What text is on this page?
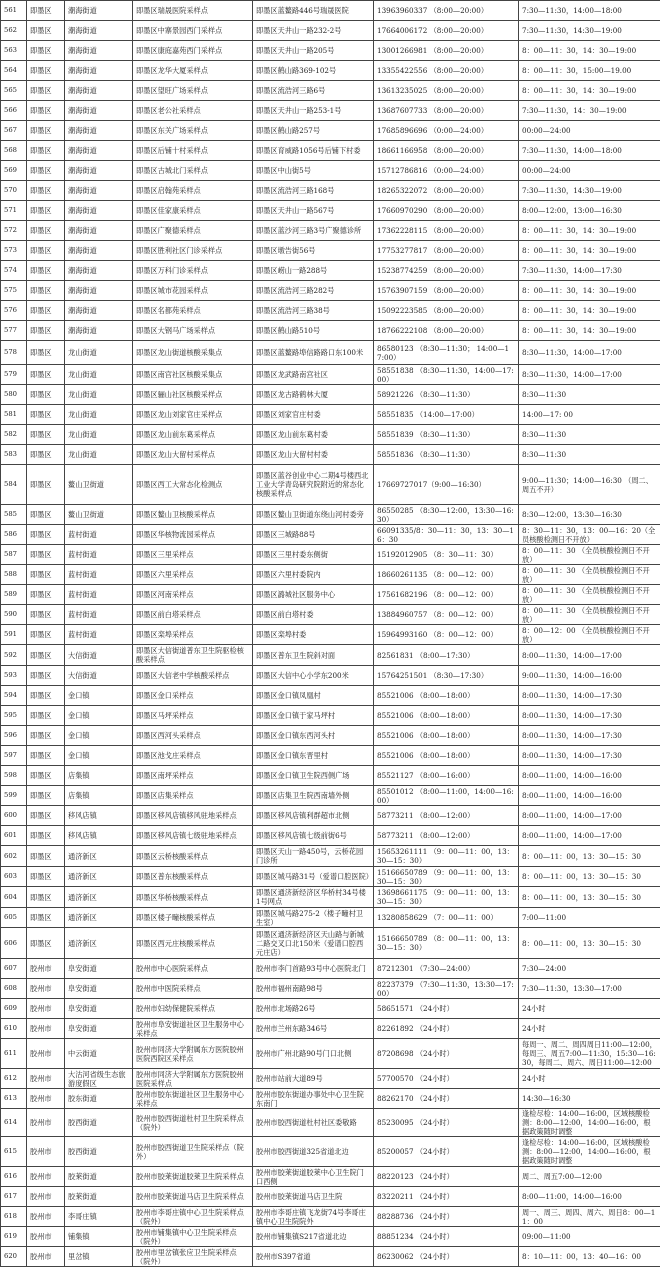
561	即墨区	潮海街道	即墨区瑞晟医院采样点	即墨区蓝鳌路446号瑞晟医院	13963960337 （8:00—20:00）	7:30—11:30，14:00—18:00
562	即墨区	潮海街道	即墨区中寨景园西门采样点	即墨区天井山一路232-2号	17664006172 （8:00—20:00）	7:30—11:30，14:30—19:00
563	即墨区	潮海街道	即墨区康庭嘉苑西门采样点	即墨区天井山一路205号	13001266981 （8:00—20:00）	8：00—11：30，14：30—19:00
564	即墨区	潮海街道	即墨区龙华大厦采样点	即墨区鹤山路369-102号	13355422556 （8:00—20:00）	8：00—11：30，15:00—19.00
565	即墨区	潮海街道	即墨区望旺广场采样点	即墨区流浩河三路6号	13613235025 （8:00—20:00）	8：00—11：30，14：30—19:00
566	即墨区	潮海街道	即墨区老公社采样点	即墨区天井山一路253-1号	13687607733 （8:00—20:00）	7:30—11:30，14：30—19:00
567	即墨区	潮海街道	即墨区东关广场采样点	即墨区鹤山路257号	17685896696 （0:00—24:00）	00:00—24:00
568	即墨区	潮海街道	即墨区后铺十村采样点	即墨区育威路1056号后铺下村委	18661166958 （8:00—20:00）	7:30—11:30，14:00—18:00
569	即墨区	潮海街道	即墨区古城北门采样点	即墨区中山街5号	15712786816 （0:00—24:00）	00:00—24:00
570	即墨区	潮海街道	即墨区启翰苑采样点	即墨区流浩河三路168号	18265322072 （8:00—20:00）	7:30—11:30，14:30—19:00
571	即墨区	潮海街道	即墨区佳家康采样点	即墨区天井山一路567号	17660970290 （8:00—20:00）	8:00—12:00，13:00—16:30
572	即墨区	潮海街道	即墨区广聚德采样点	即墨区蓝沙河三路3号广聚德诊所	17362228115 （8:00—20:00）	8：00—11：30，14：30—19:00
573	即墨区	潮海街道	即墨区胜利社区门诊采样点	即墨区墩告街56号	17753277817 （8:00—20:00）	8：00—11：30，14：30—19:00
574	即墨区	潮海街道	即墨区万科门诊采样点	即墨区崂山一路288号	15238774259 （8:00—20:00）	7:30—11:30，14:00—17:30
575	即墨区	潮海街道	即墨区城市花园采样点	即墨区流浩河三路282号	15763907159 （8:00—20:00）	8：00—11：30，14：30—19:00
576	即墨区	潮海街道	即墨区名都苑采样点	即墨区流浩河三路38号	15092223585 （8:00—20:00）	8：00—11：30，14：30—19:00
577	即墨区	潮海街道	即墨区大钢马广场采样点	即墨区鹤山路510号	18766222108 （8:00—20:00）	8：00—11：30，14：30—19:00
578	即墨区	龙山街道	即墨区龙山街道核酸采集点	即墨区蓝鳌路埠信路路口东100米	86580123 （8:30—11:30； 14:00—17:00）	8:30—11:30，14:00—17:00
579	即墨区	龙山街道	即墨区南宫社区核酸采集点	即墨区龙武路南宫社区	58551838 （8:30—11:30，14:00—17:00）	8:30—11:30，14:00—17:00
580	即墨区	龙山街道	即墨区骊山社区核酸采样点	即墨区龙古路鹤林大厦	58921226 （8:30—11:30）	8:30—11:30
581	即墨区	龙山街道	即墨区龙山刘家官庄采样点	即墨区刘家官庄村委	58551835 （14:00—17:00）	14:00—17: 00
582	即墨区	龙山街道	即墨区龙山前东葛采样点	即墨区龙山前东葛村委	58551839 （8:30—11:30）	8:30—11:30
583	即墨区	龙山街道	即墨区龙山大留村采样点	即墨区龙山大留村村委	58551836 （8:30—11:30）	8:30—11:30
584	即墨区	鳌山卫街道	即墨区西工大常态化检测点	即墨区蓝谷创业中心二期4号楼西北工业大学青岛研究院附近的常态化核酸采样点	17669727017（9:00—16:30）	9:00—11:30；14:00—16:30 （周二、周五不开）
585	即墨区	鳌山卫街道	即墨区鳌山卫核酸采样点	即墨区鳌山卫街道东绕山河村委旁	86550285 （8:30—12:00，13:30—16:30）	8:30—12:00，13:30—16:30
586	即墨区	蓝村街道	即墨区华核物流园采样点	即墨区三城路88号	66091335/8：30—11：30，13：30—16：30	8：30—11：30，13：00—16：20（全员核酸检测日不开放）
587	即墨区	蓝村街道	即墨区三里采样点	即墨区三里村委东侧街	15192012905 （8：30—11：30）	8：00—11：30 （全员核酸检测日不开放）
588	即墨区	蓝村街道	即墨区六里采样点	即墨区六里村委院内	18660261135 （8：00—12：00）	8：00—11：30 （全员核酸检测日不开放）
589	即墨区	蓝村街道	即墨区河南采样点	即墨区潞城社区服务中心	17561682196 （8：00—12：00）	8：00—11：30 （全员核酸检测日不开放）
590	即墨区	蓝村街道	即墨区前白塔采样点	即墨区前白塔村委	13884960757 （8：00—12：00）	8：00—11：30 （全员核酸检测日不开放）
591	即墨区	蓝村街道	即墨区栾埠采样点	即墨区栾埠村委	15964993160 （8：00—12：00）	8：00—12：00 （全员核酸检测日不开放）
592	即墨区	大信街道	即墨区大信街道普东卫生院驱检核酸采样点	即墨区普东卫生院斜对面	82561831 （8:00—17:30）	8:00—11:30，14:00—17:00
593	即墨区	大信街道	即墨区大信老中学核酸采样点	即墨区大信中心小学东200米	15764251501 （8:30—17:30）	9:00—11:30，14:00—16:00
594	即墨区	金口镇	即墨区金口采样点	即墨区金口镇凤凰村	85521006 （8:00—18:00）	8:00—11:30，14:00—17:30
595	即墨区	金口镇	即墨区马坪采样点	即墨区金口镇于家马坪村	85521006 （8:00—18:00）	8:00—11:30，14:00—17:30
596	即墨区	金口镇	即墨区西河头采样点	即墨区金口镇东西河头村	85521006 （8:00—18:00）	8:00—11:30，14:00—17:30
597	即墨区	金口镇	即墨区池戈庄采样点	即墨区金口镇东晋里村	85521006 （8:00—18:00）	8:00—11:30，14:00—17:30
598	即墨区	店集镇	即墨区南坪采样点	即墨区金口镇卫生院西侧广场	85521127 （8:00—16:00）	8:00—11:00，14:00—16:00
599	即墨区	店集镇	即墨区店集采样点	即墨区店集卫生院西南墙外侧	85501012 （8:00—11:00，14:00—16:00）	8:00—11:00，14:00—16:00
600	即墨区	移风店镇	即墨区移风店镇移风驻地采样点	即墨区移风店镇利群超市北侧	58773211 （8:00—12:00）	8:00—11:00，14:00—17:00
601	即墨区	移风店镇	即墨区移风店镇七级驻地采样点	即墨区移风店镇七级前街6号	58773211 （8:00—12:00）	8:00—11:00，14:00—17:00
602	即墨区	通济新区	即墨区云桥核酸采样点	即墨区天山一路450号，云桥花园门诊所	15653261111 （9：00—11：00，13：30—15：30）	8：00—11：00，13：30—15：30
603	即墨区	通济新区	即墨区普东核酸采样点	即墨区城马路31号（爱谱口腔医院）	15166650789 （9：00—11：00，13：30—15：30）	8：00—11：00，13：30—15：30
604	即墨区	通济新区	即墨区华桥核酸采样点	即墨区通济新经济区华桥村34号楼1号网点	13698661175 （9：00—11：00，13：30—15：30）	8：00—11：00，13：30—15：30
605	即墨区	通济新区	即墨区楼子疃核酸采样点	即墨区城马路275-2（楼子疃村卫生室）	13280858629 （7：00—11：00）	7:00—11:00
606	即墨区	通济新区	即墨区西元庄核酸采样点	即墨区通济新经济区天山路与新城二路交叉口北150米（爱谱口腔西元庄店）	15166650789 （8：00—11：00，13：30—15：30）	8：00—11：00，13：30—15：30
607	胶州市	阜安街道	胶州市中心医院采样点	胶州市李门首路93号中心医院北门	87212301 （7:30—24:00）	7:30—24:00
608	胶州市	阜安街道	胶州市中医院采样点	胶州市福州南路98号	82237379 （7:30—11:30，13:30—17:00）	7:30—11:30，13:30—17:00
609	胶州市	阜安街道	胶州市妇幼保健院采样点	胶州市北场路26号	58651571 （24小时）	24小时
610	胶州市	阜安街道	胶州市阜安街道社区卫生服务中心采样点	胶州市兰州东路346号	82261892 （24小时）	24小时
611	胶州市	中云街道	胶州市同济大学附属东方医院胶州医院西院区采样点	胶州市广州北路90号门口北侧	87208698 （24小时）	每周一、周二、周四周日11:00—12:00，每周三、周五7:00—11:30，15:30—16:30，每周二、周六、周日11:00—12:00
612	胶州市	大沽河省级生态旅游度假区	胶州市同济大学附属东方医院胶州医院采样点	胶州市站前大道89号	57700570 （24小时）	24小时
613	胶州市	胶东街道	胶州市胶东街道社区卫生服务中心采样点	胶州市胶东街道办事处中心卫生院东南门	88262170 （24小时）	14:30—16:30
614	胶州市	胶西街道	胶州市胶西街道杜村卫生院采样点（院外）	胶州市胶西街道杜村社区委敬路	85230095 （24小时）	逢检尽检：14:00—16:00，区域核酸检测：8:00—12:00，14:00—16:00，根据政策随时调整
615	胶州市	胶西街道	胶州市胶西街道卫生院采样点（院外）	胶州市胶西街道325省道北边	85200057 （24小时）	逢检尽检：14:00—16:00，区域核酸检测：8:00—12:00，14:00—16:00，根据政策随时调整
616	胶州市	胶莱街道	胶州市胶莱街道胶莱卫生院采样点	胶州市胶莱街道胶莱中心卫生院门口西侧	88220123 （24小时）	周二、周五7:00—12:00
617	胶州市	胶莱街道	胶州市胶莱街道马店卫生院采样点	胶州市胶莱街道马店卫生院	83220211 （24小时）	8:00—11:00，14:00—16:00
618	胶州市	李哥庄镇	胶州市李哥庄镇中心卫生院采样点（院外）	胶州市李哥庄镇飞龙街74号李哥庄镇中心卫生院院外	88288736 （24小时）	周一、周三、周四、周六、周日8：00—11：00
619	胶州市	铺集镇	胶州市铺集镇中心卫生院采样点（院外）	胶州市铺集镇S217省道北边	88851234 （24小时）	09:00—11:00
620	胶州市	里岔镇	胶州市里岔镇张应卫生院采样点（院外）	胶州市S397省道	86230062 （24小时）	8：10—11：00，13：40—16：00
